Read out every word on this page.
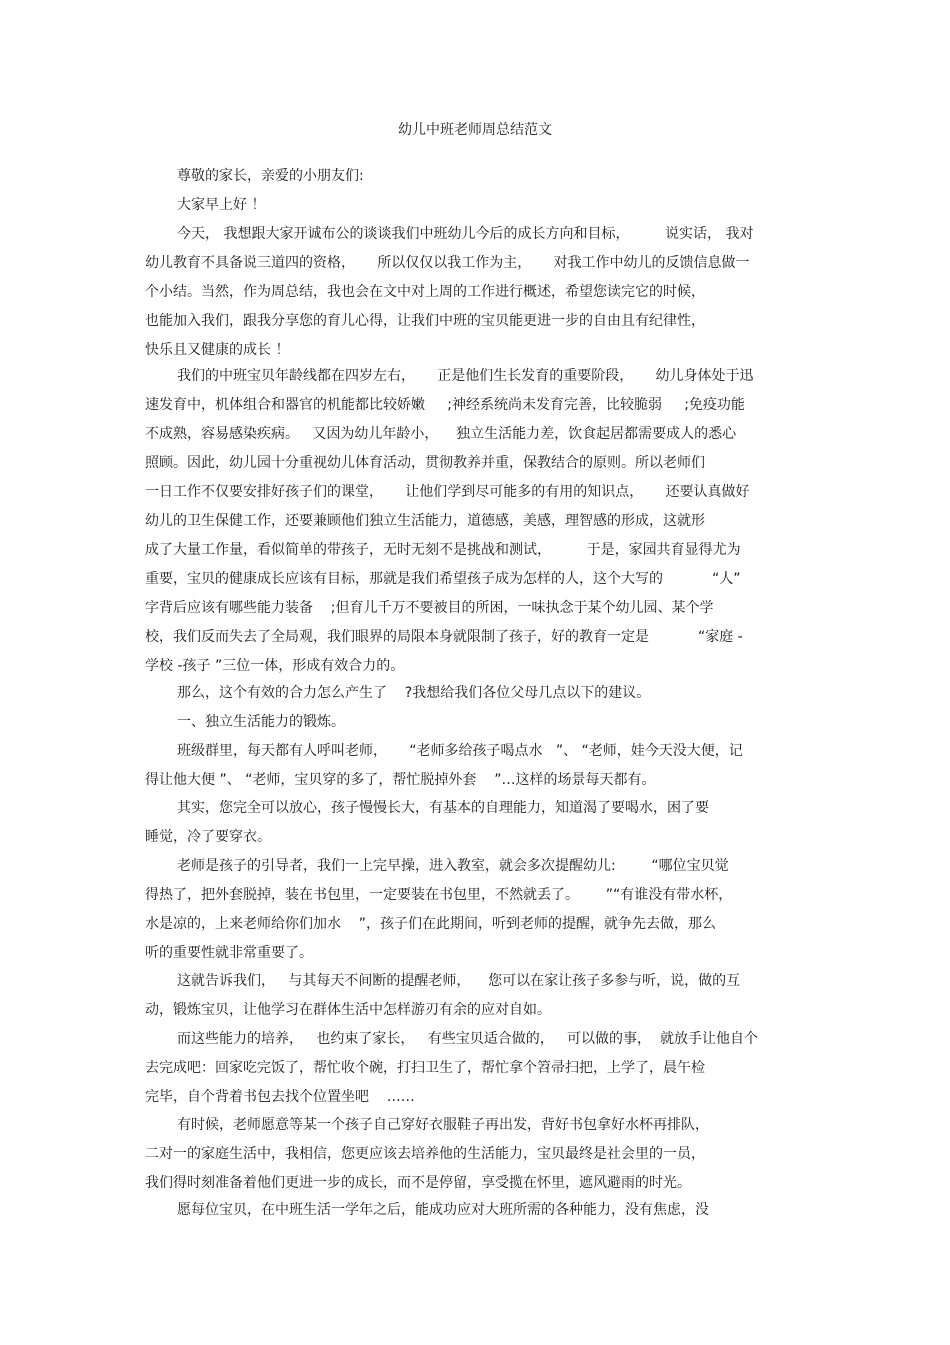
幼儿中班老师周总结范文
尊敬的家长，亲爱的小朋友们:
大家早上好 ！
今天， 我想跟大家开诚布公的谈谈我们中班幼儿今后的成长方向和目标，        说实话， 我对
幼儿教育不具备说三道四的资格，     所以仅仅以我工作为主，     对我工作中幼儿的反馈信息做一
个小结。当然，作为周总结，我也会在文中对上周的工作进行概述，希望您读完它的时候，
也能加入我们，跟我分享您的育儿心得，让我们中班的宝贝能更进一步的自由且有纪律性，
快乐且又健康的成长 ！
我们的中班宝贝年龄线都在四岁左右，     正是他们生长发育的重要阶段，     幼儿身体处于迅
速发育中，机体组合和器官的机能都比较娇嫩     ;神经系统尚未发育完善，比较脆弱     ;免疫功能
不成熟，容易感染疾病。   又因为幼儿年龄小，    独立生活能力差，饮食起居都需要成人的悉心
照顾。因此，幼儿园十分重视幼儿体育活动，贯彻教养并重，保教结合的原则。所以老师们
一日工作不仅要安排好孩子们的课堂，     让他们学到尽可能多的有用的知识点，     还要认真做好
幼儿的卫生保健工作，还要兼顾他们独立生活能力，道德感，美感，理智感的形成，这就形
成了大量工作量，看似简单的带孩子，无时无刻不是挑战和测试，        于是，家园共育显得尤为
重要，宝贝的健康成长应该有目标，那就是我们希望孩子成为怎样的人，这个大写的           “人”
字背后应该有哪些能力装备    ;但育儿千万不要被目的所困，一味执念于某个幼儿园、某个学
校，我们反而失去了全局观，我们眼界的局限本身就限制了孩子，好的教育一定是           “家庭 -
学校 -孩子 ”三位一体，形成有效合力的。
那么，这个有效的合力怎么产生了    ?我想给我们各位父母几点以下的建议。
一、独立生活能力的锻炼。
班级群里，每天都有人呼叫老师，     “老师多给孩子喝点水   ”、 “老师，娃今天没大便，记
得让他大便 ”、 “老师，宝贝穿的多了，帮忙脱掉外套    ”…这样的场景每天都有。
其实，您完全可以放心，孩子慢慢长大，有基本的自理能力，知道渴了要喝水，困了要
睡觉，冷了要穿衣。
老师是孩子的引导者，我们一上完早操，进入教室，就会多次提醒幼儿:        “哪位宝贝觉
得热了，把外套脱掉，装在书包里，一定要装在书包里，不然就丢了。      ”“有谁没有带水杯，
水是凉的，上来老师给你们加水    ”，孩子们在此期间，听到老师的提醒，就争先去做，那么
听的重要性就非常重要了。
这就告诉我们，   与其每天不间断的提醒老师，    您可以在家让孩子多参与听，说，做的互
动，锻炼宝贝，让他学习在群体生活中怎样游刃有余的应对自如。
而这些能力的培养，   也约束了家长，   有些宝贝适合做的，   可以做的事，  就放手让他自个
去完成吧：回家吃完饭了，帮忙收个碗，打扫卫生了，帮忙拿个笤帚扫把，上学了，晨午检
完毕，自个背着书包去找个位置坐吧    ……
有时候，老师愿意等某一个孩子自己穿好衣服鞋子再出发，背好书包拿好水杯再排队，
二对一的家庭生活中，我相信，您更应该去培养他的生活能力，宝贝最终是社会里的一员，
我们得时刻准备着他们更进一步的成长，而不是停留，享受揽在怀里，遮风避雨的时光。
愿每位宝贝，在中班生活一学年之后，能成功应对大班所需的各种能力，没有焦虑，没
